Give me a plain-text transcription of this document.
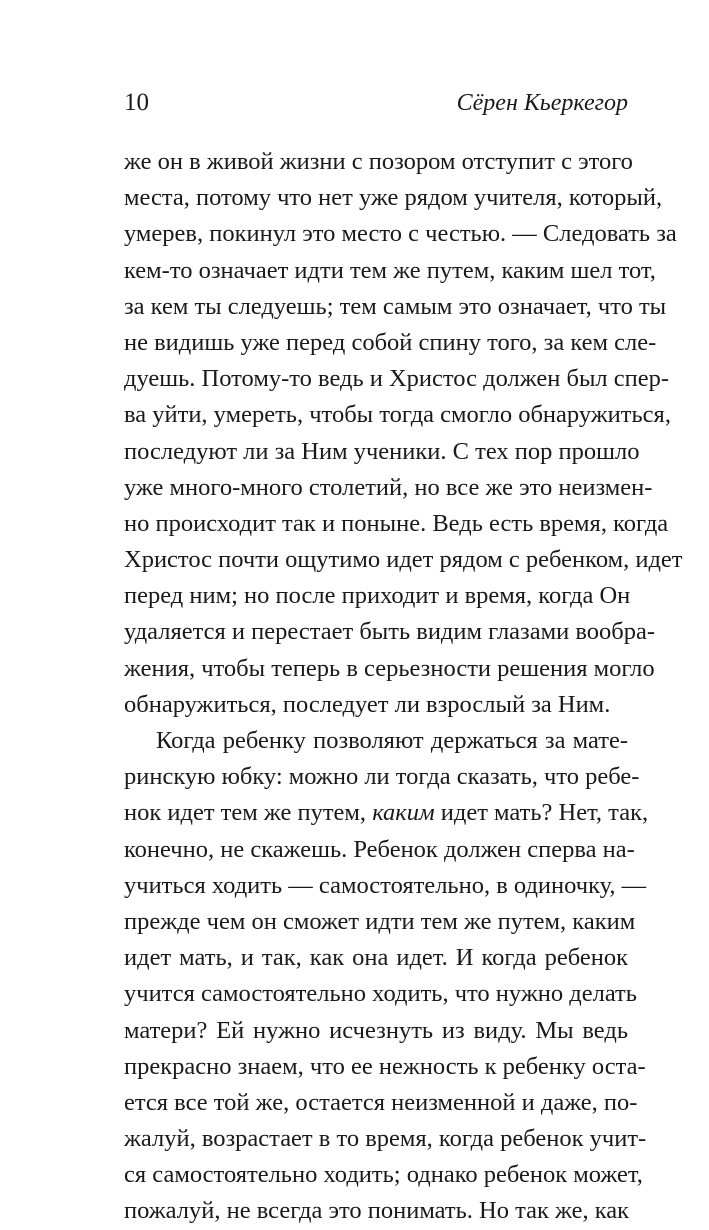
10	Сёрен Кьеркегор
же он в живой жизни с позором отступит с этого
места, потому что нет уже рядом учителя, который,
умерев, покинул это место с честью. — Следовать за
кем-то означает идти тем же путем, каким шел тот,
за кем ты следуешь; тем самым это означает, что ты
не видишь уже перед собой спину того, за кем сле-
дуешь. Потому-то ведь и Христос должен был спер-
ва уйти, умереть, чтобы тогда смогло обнаружиться,
последуют ли за Ним ученики. С тех пор прошло
уже много-много столетий, но все же это неизмен-
но происходит так и поныне. Ведь есть время, когда
Христос почти ощутимо идет рядом с ребенком, идет
перед ним; но после приходит и время, когда Он
удаляется и перестает быть видим глазами вообра-
жения, чтобы теперь в серьезности решения могло
обнаружиться, последует ли взрослый за Ним.
Когда ребенку позволяют держаться за мате-
ринскую юбку: можно ли тогда сказать, что ребе-
нок идет тем же путем, каким идет мать? Нет, так,
конечно, не скажешь. Ребенок должен сперва на-
учиться ходить — самостоятельно, в одиночку, —
прежде чем он сможет идти тем же путем, каким
идет мать, и так, как она идет. И когда ребенок
учится самостоятельно ходить, что нужно делать
матери? Ей нужно исчезнуть из виду. Мы ведь
прекрасно знаем, что ее нежность к ребенку оста-
ется все той же, остается неизменной и даже, по-
жалуй, возрастает в то время, когда ребенок учит-
ся самостоятельно ходить; однако ребенок может,
пожалуй, не всегда это понимать. Но так же, как
